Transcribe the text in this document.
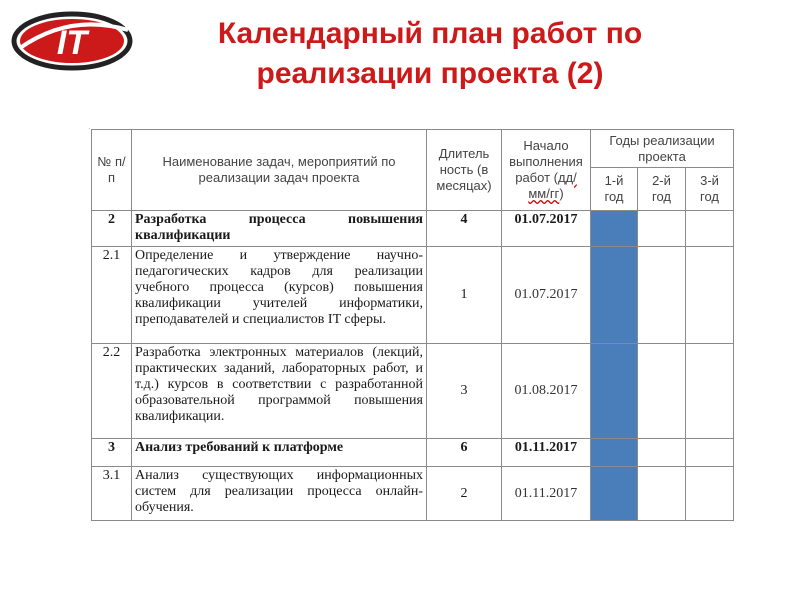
IT	Календарный план работ по
реализации проекта (2)
·
№ п/п	Наименование задач, мероприятий по реализации задач проекта	Длитель ность (в месяцах)	Начало выполнения работ (дд/мм/гг)	Годы реализации проекта		
				1-й год	2-й год	3-й год
2	Разработка процесса повышения квалификации	4	01.07.2017			
2.1	Определение и утверждение научно-педагогических кадров для реализации учебного процесса (курсов) повышения квалификации учителей информатики, преподавателей и специалистов IT сферы.	1	01.07.2017			
2.2	Разработка электронных материалов (лекций, практических заданий, лабораторных работ, и т.д.) курсов в соответствии с разработанной образовательной программой повышения квалификации.	3	01.08.2017			
3	Анализ требований к платформе	6	01.11.2017			
3.1	Анализ существующих информационных систем для реализации процесса онлайн-обучения.	2	01.11.2017			
